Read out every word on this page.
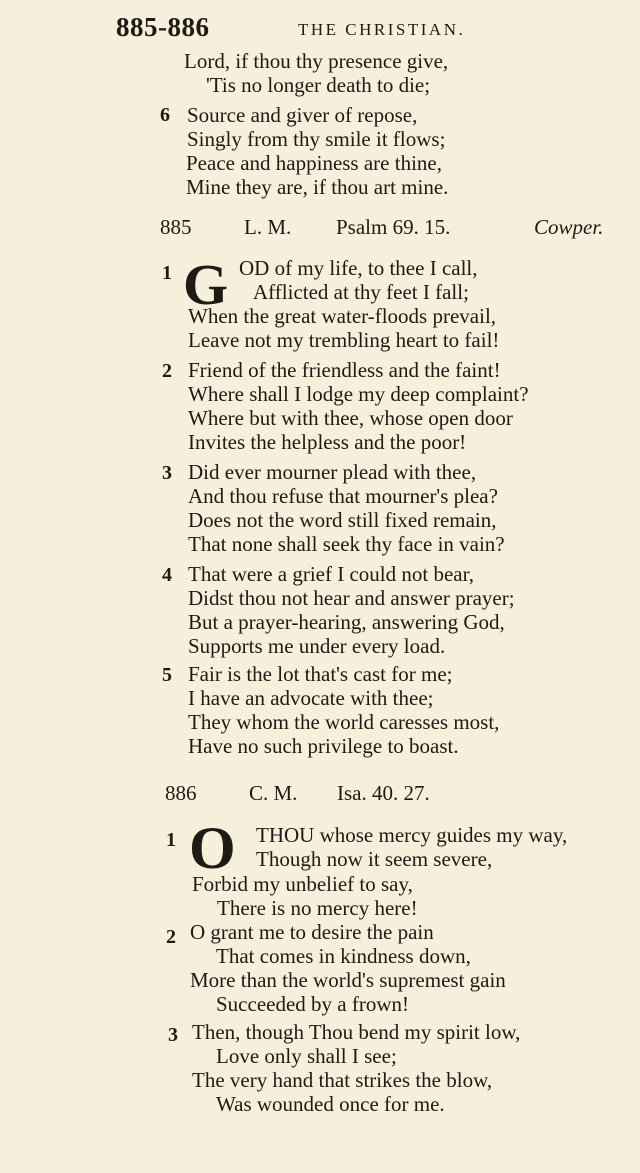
885-886	THE CHRISTIAN.
Lord, if thou thy presence give,
'Tis no longer death to die;
6 Source and giver of repose,
Singly from thy smile it flows;
Peace and happiness are thine,
Mine they are, if thou art mine.
885	L. M. Psalm 69. 15.	Cowper.
1 G OD of my life, to thee I call,
Afflicted at thy feet I fall;
When the great water-floods prevail,
Leave not my trembling heart to fail!
2 Friend of the friendless and the faint!
Where shall I lodge my deep complaint?
Where but with thee, whose open door
Invites the helpless and the poor!
3 Did ever mourner plead with thee,
And thou refuse that mourner's plea?
Does not the word still fixed remain,
That none shall seek thy face in vain?
4 That were a grief I could not bear,
Didst thou not hear and answer prayer;
But a prayer-hearing, answering God,
Supports me under every load.
5 Fair is the lot that's cast for me;
I have an advocate with thee;
They whom the world caresses most,
Have no such privilege to boast.
886	C. M. Isa. 40. 27.
1 O THOU whose mercy guides my way,
Though now it seem severe,
Forbid my unbelief to say,
There is no mercy here!
2 O grant me to desire the pain
That comes in kindness down,
More than the world's supremest gain
Succeeded by a frown!
3 Then, though Thou bend my spirit low,
Love only shall I see;
The very hand that strikes the blow,
Was wounded once for me.
